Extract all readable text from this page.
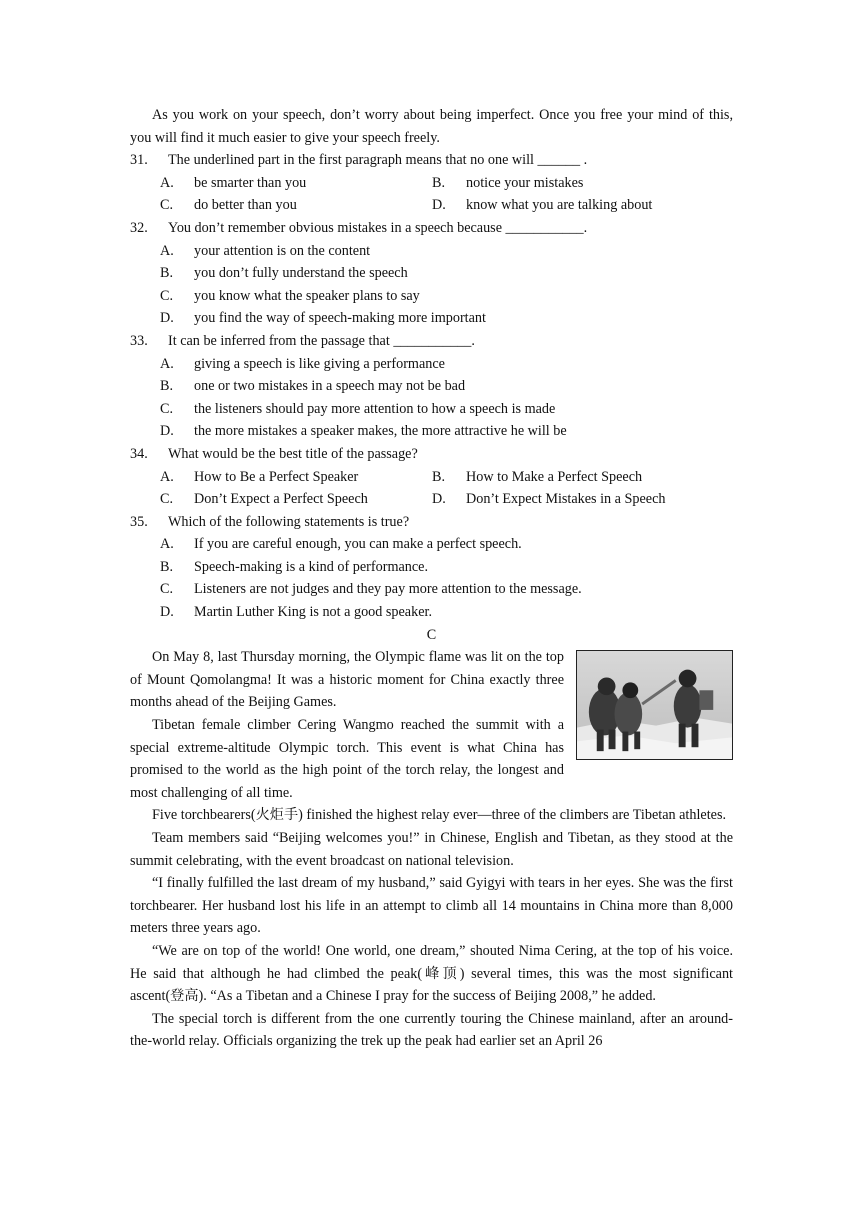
As you work on your speech, don’t worry about being imperfect. Once you free your mind of this, you will find it much easier to give your speech freely.

31.	The underlined part in the first paragraph means that no one will ______ .
A.	be smarter than you	B.	notice your mistakes
C.	do better than you	D.	know what you are talking about
32.	You don’t remember obvious mistakes in a speech because ___________.
A.	your attention is on the content
B.	you don’t fully understand the speech
C.	you know what the speaker plans to say
D.	you find the way of speech-making more important
33.	It can be inferred from the passage that ___________.
A.	giving a speech is like giving a performance
B.	one or two mistakes in a speech may not be bad
C.	the listeners should pay more attention to how a speech is made
D.	the more mistakes a speaker makes, the more attractive he will be
34.	What would be the best title of the passage?
A.	How to Be a Perfect Speaker	B.	How to Make a Perfect Speech
C.	Don’t Expect a Perfect Speech	D.	Don’t Expect Mistakes in a Speech
35.	Which of the following statements is true?
A.	If you are careful enough, you can make a perfect speech.
B.	Speech-making is a kind of performance.
C.	Listeners are not judges and they pay more attention to the message.
D.	Martin Luther King is not a good speaker.

C

On May 8, last Thursday morning, the Olympic flame was lit on the top of Mount Qomolangma! It was a historic moment for China exactly three months ahead of the Beijing Games.

Tibetan female climber Cering Wangmo reached the summit with a special extreme-altitude Olympic torch. This event is what China has promised to the world as the high point of the torch relay, the longest and most challenging of all time.

Five torchbearers(火炬手) finished the highest relay ever—three of the climbers are Tibetan athletes.

Team members said “Beijing welcomes you!” in Chinese, English and Tibetan, as they stood at the summit celebrating, with the event broadcast on national television.

“I finally fulfilled the last dream of my husband,” said Gyigyi with tears in her eyes. She was the first torchbearer. Her husband lost his life in an attempt to climb all 14 mountains in China more than 8,000 meters three years ago.

“We are on top of the world! One world, one dream,” shouted Nima Cering, at the top of his voice. He said that although he had climbed the peak(峰顶) several times, this was the most significant ascent(登高). “As a Tibetan and a Chinese I pray for the success of Beijing 2008,” he added.

The special torch is different from the one currently touring the Chinese mainland, after an around-the-world relay. Officials organizing the trek up the peak had earlier set an April 26
